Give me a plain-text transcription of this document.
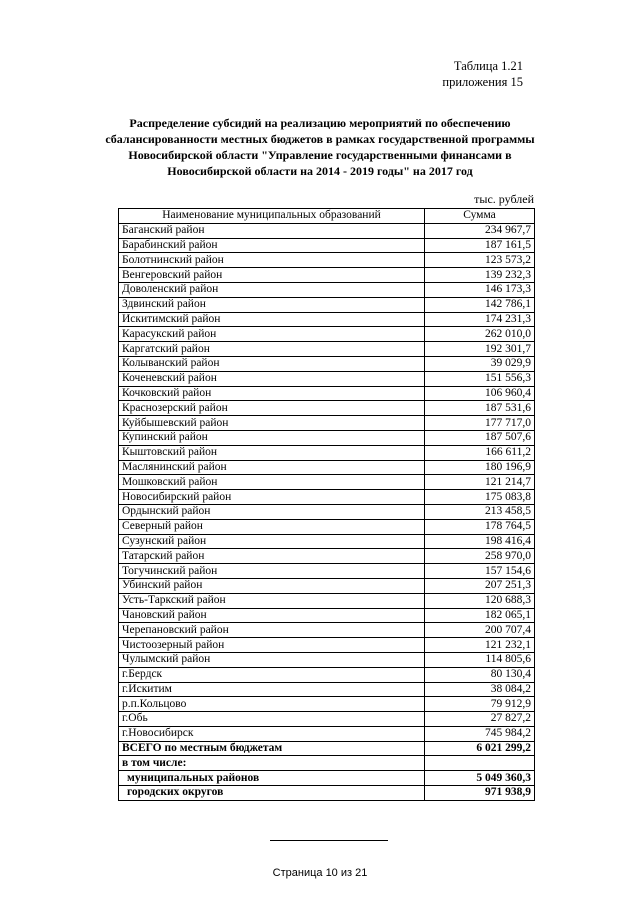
Таблица 1.21
приложения 15
Распределение субсидий на реализацию мероприятий по обеспечению
сбалансированности местных бюджетов в рамках государственной программы
Новосибирской области "Управление государственными финансами в
Новосибирской области на 2014 - 2019 годы" на 2017 год
тыс. рублей
Наименование муниципальных образований	Сумма
Баганский район	234 967,7
Барабинский район	187 161,5
Болотнинский район	123 573,2
Венгеровский район	139 232,3
Доволенский район	146 173,3
Здвинский район	142 786,1
Искитимский район	174 231,3
Карасукский район	262 010,0
Каргатский район	192 301,7
Колыванский район	39 029,9
Коченевский район	151 556,3
Кочковский район	106 960,4
Краснозерский район	187 531,6
Куйбышевский район	177 717,0
Купинский район	187 507,6
Кыштовский район	166 611,2
Маслянинский район	180 196,9
Мошковский район	121 214,7
Новосибирский район	175 083,8
Ордынский район	213 458,5
Северный район	178 764,5
Сузунский район	198 416,4
Татарский район	258 970,0
Тогучинский район	157 154,6
Убинский район	207 251,3
Усть-Таркский район	120 688,3
Чановский район	182 065,1
Черепановский район	200 707,4
Чистоозерный район	121 232,1
Чулымский район	114 805,6
г.Бердск	80 130,4
г.Искитим	38 084,2
р.п.Кольцово	79 912,9
г.Обь	27 827,2
г.Новосибирск	745 984,2
ВСЕГО по местным бюджетам	6 021 299,2
в том числе:	
муниципальных районов	5 049 360,3
городских округов	971 938,9
Страница 10 из 21
